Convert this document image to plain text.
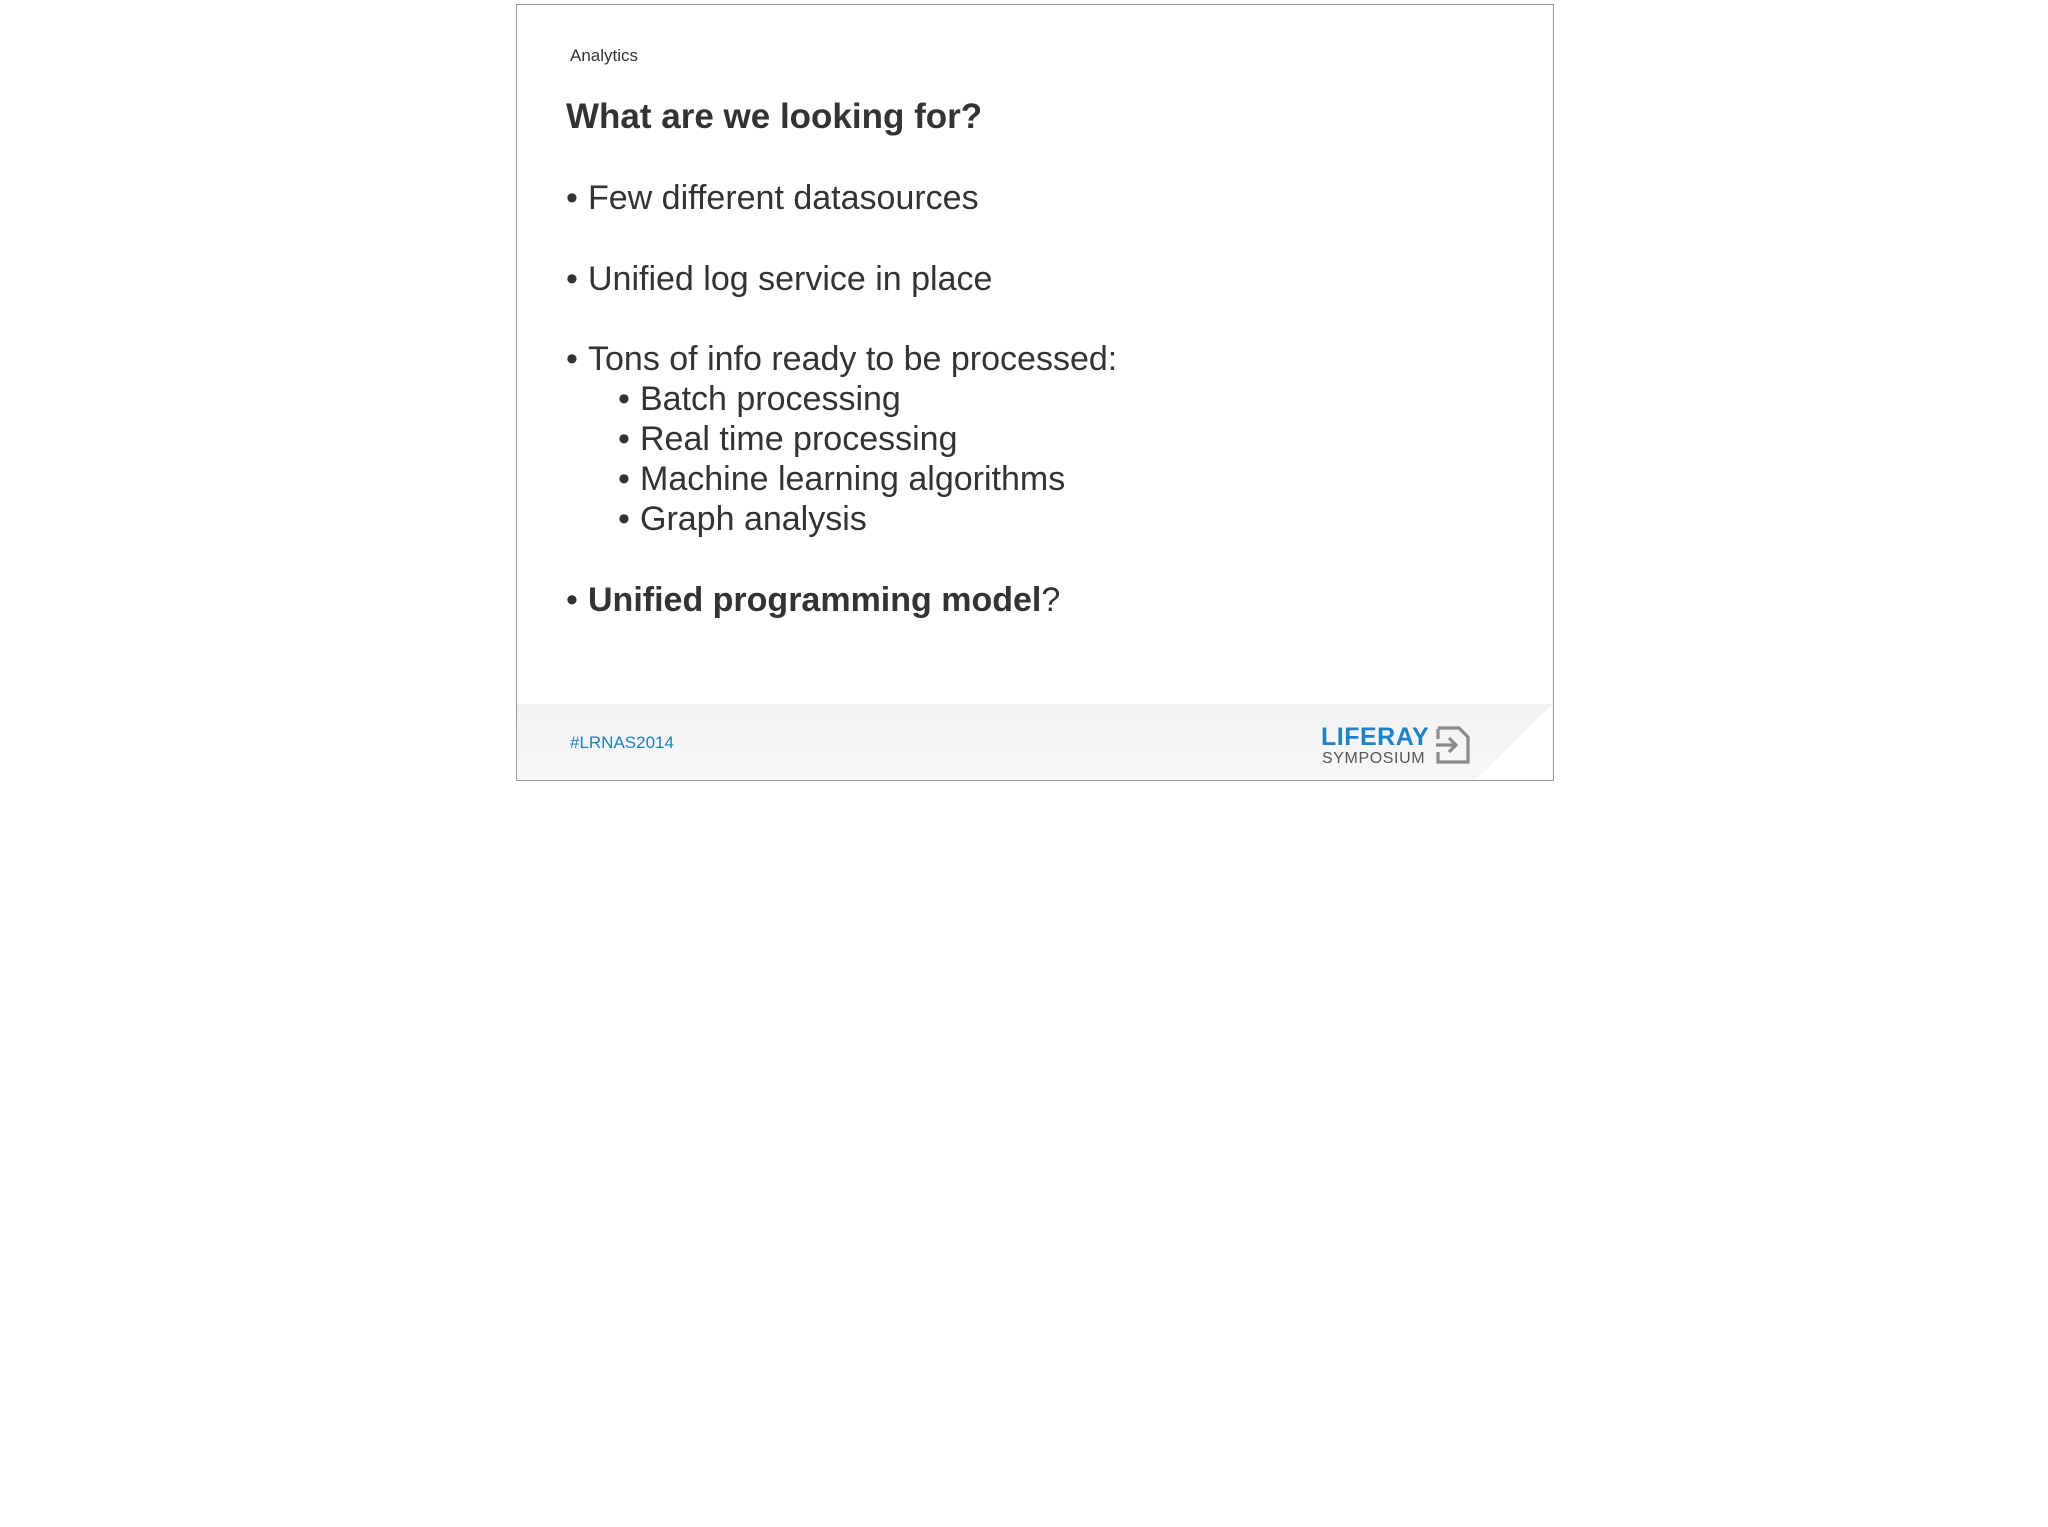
Analytics
What are we looking for?
• Few different datasources
• Unified log service in place
• Tons of info ready to be processed:
• Batch processing
• Real time processing
• Machine learning algorithms
• Graph analysis
• Unified programming model?
#LRNAS2014	LIFERAY
SYMPOSIUM
